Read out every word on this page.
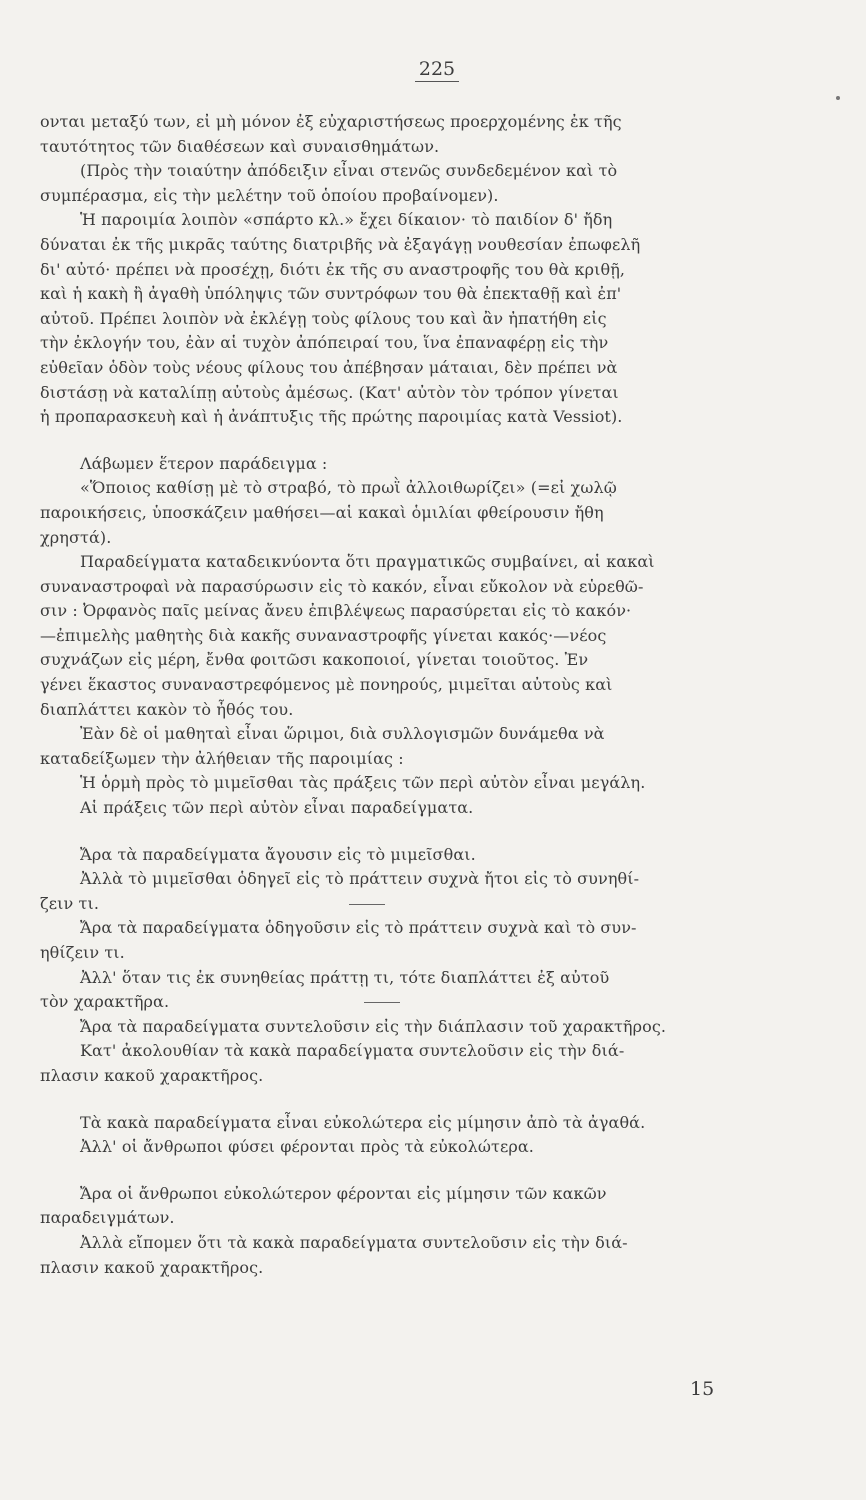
225
ονται μεταξύ των, εἰ μὴ μόνον ἐξ εὐχαριστήσεως προερχομένης ἐκ τῆς
ταυτότητος τῶν διαθέσεων καὶ συναισθημάτων.
(Πρὸς τὴν τοιαύτην ἀπόδειξιν εἶναι στενῶς συνδεδεμένον καὶ τὸ
συμπέρασμα, εἰς τὴν μελέτην τοῦ ὁποίου προβαίνομεν).
Ἡ παροιμία λοιπὸν «σπάρτο κλ.» ἔχει δίκαιον· τὸ παιδίον δ' ἤδη
δύναται ἐκ τῆς μικρᾶς ταύτης διατριβῆς νὰ ἐξαγάγῃ νουθεσίαν ἐπωφελῆ
δι' αὐτό· πρέπει νὰ προσέχῃ, διότι ἐκ τῆς συ αναστροφῆς του θὰ κριθῇ,
καὶ ἡ κακὴ ἢ ἀγαθὴ ὑπόληψις τῶν συντρόφων του θὰ ἐπεκταθῇ καὶ ἐπ'
αὐτοῦ. Πρέπει λοιπὸν νὰ ἐκλέγῃ τοὺς φίλους του καὶ ἂν ἠπατήθη εἰς
τὴν ἐκλογήν του, ἐὰν αἱ τυχὸν ἀπόπειραί του, ἵνα ἐπαναφέρῃ εἰς τὴν
εὐθεῖαν ὁδὸν τοὺς νέους φίλους του ἀπέβησαν μάταιαι, δὲν πρέπει νὰ
διστάσῃ νὰ καταλίπῃ αὐτοὺς ἀμέσως. (Κατ' αὐτὸν τὸν τρόπον γίνεται
ἡ προπαρασκευὴ καὶ ἡ ἀνάπτυξις τῆς πρώτης παροιμίας κατὰ Vessiot).
Λάβωμεν ἕτερον παράδειγμα :
«Ὅποιος καθίσῃ μὲ τὸ στραβό, τὸ πρωῒ ἀλλοιθωρίζει» (=εἰ χωλῷ
παροικήσεις, ὑποσκάζειν μαθήσει—αἱ κακαὶ ὁμιλίαι φθείρουσιν ἤθη
χρηστά).
Παραδείγματα καταδεικνύοντα ὅτι πραγματικῶς συμβαίνει, αἱ κακαὶ
συναναστροφαὶ νὰ παρασύρωσιν εἰς τὸ κακόν, εἶναι εὔκολον νὰ εὑρεθῶ-
σιν : Ὀρφανὸς παῖς μείνας ἄνευ ἐπιβλέψεως παρασύρεται εἰς τὸ κακόν·
—ἐπιμελὴς μαθητὴς διὰ κακῆς συναναστροφῆς γίνεται κακός·—νέος
συχνάζων εἰς μέρη, ἔνθα φοιτῶσι κακοποιοί, γίνεται τοιοῦτος. Ἐν
γένει ἕκαστος συναναστρεφόμενος μὲ πονηρούς, μιμεῖται αὐτοὺς καὶ
διαπλάττει κακὸν τὸ ἦθός του.
Ἐὰν δὲ οἱ μαθηταὶ εἶναι ὥριμοι, διὰ συλλογισμῶν δυνάμεθα νὰ
καταδείξωμεν τὴν ἀλήθειαν τῆς παροιμίας :
Ἡ ὁρμὴ πρὸς τὸ μιμεῖσθαι τὰς πράξεις τῶν περὶ αὐτὸν εἶναι μεγάλη.
Αἱ πράξεις τῶν περὶ αὐτὸν εἶναι παραδείγματα.
Ἄρα τὰ παραδείγματα ἄγουσιν εἰς τὸ μιμεῖσθαι.
Ἀλλὰ τὸ μιμεῖσθαι ὁδηγεῖ εἰς τὸ πράττειν συχνὰ ἤτοι εἰς τὸ συνηθί-
ζειν τι.
Ἄρα τὰ παραδείγματα ὁδηγοῦσιν εἰς τὸ πράττειν συχνὰ καὶ τὸ συν-
ηθίζειν τι.
Ἀλλ' ὅταν τις ἐκ συνηθείας πράττῃ τι, τότε διαπλάττει ἐξ αὐτοῦ
τὸν χαρακτῆρα.
Ἄρα τὰ παραδείγματα συντελοῦσιν εἰς τὴν διάπλασιν τοῦ χαρακτῆρος.
Κατ' ἀκολουθίαν τὰ κακὰ παραδείγματα συντελοῦσιν εἰς τὴν διά-
πλασιν κακοῦ χαρακτῆρος.
Τὰ κακὰ παραδείγματα εἶναι εὐκολώτερα εἰς μίμησιν ἀπὸ τὰ ἀγαθά.
Ἀλλ' οἱ ἄνθρωποι φύσει φέρονται πρὸς τὰ εὐκολώτερα.
Ἄρα οἱ ἄνθρωποι εὐκολώτερον φέρονται εἰς μίμησιν τῶν κακῶν
παραδειγμάτων.
Ἀλλὰ εἴπομεν ὅτι τὰ κακὰ παραδείγματα συντελοῦσιν εἰς τὴν διά-
πλασιν κακοῦ χαρακτῆρος.
15
